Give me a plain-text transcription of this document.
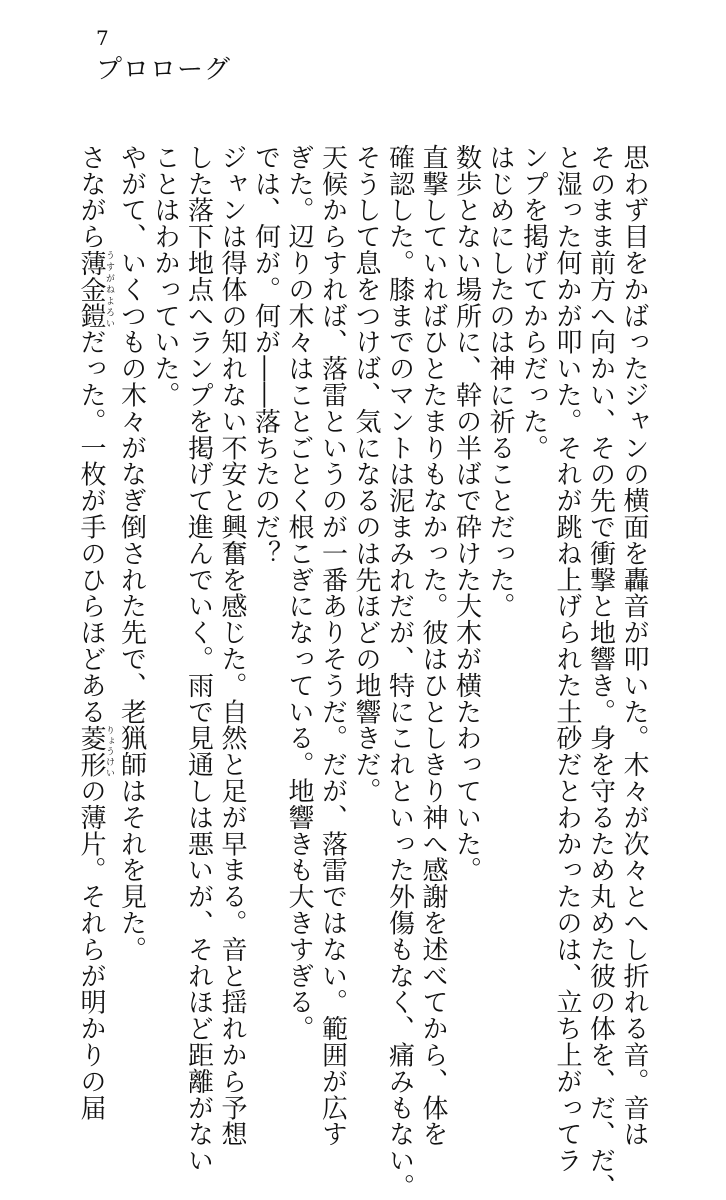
7
プロローグ

思わず目をかばったジャンの横面を轟音が叩いた。木々が次々とへし折れる音。音は
そのまま前方へ向かい、その先で衝撃と地響き。身を守るため丸めた彼の体を、だ、だ、
と湿った何かが叩いた。それが跳ね上げられた土砂だとわかったのは、立ち上がってラ
ンプを掲げてからだった。

はじめにしたのは神に祈ることだった。

数歩とない場所に、幹の半ばで砕けた大木が横たわっていた。
直撃していればひとたまりもなかった。彼はひとしきり神へ感謝を述べてから、体を
確認した。膝までのマントは泥まみれだが、特にこれといった外傷もなく、痛みもない。
そうして息をつけば、気になるのは先ほどの地響きだ。

天候からすれば、落雷というのが一番ありそうだ。だが、落雷ではない。範囲が広す
ぎた。辺りの木々はことごとく根こぎになっている。地響きも大きすぎる。

では、何が。何が――落ちたのだ？

ジャンは得体の知れない不安と興奮を感じた。自然と足が早まる。音と揺れから予想
した落下地点へランプを掲げて進んでいく。雨で見通しは悪いが、それほど距離がない
ことはわかっていた。

やがて、いくつもの木々がなぎ倒された先で、老猟師はそれを見た。
さながら薄金鎧うすがねよろいだった。一枚が手のひらほどある菱形りょうけいの薄片。それらが明かりの届
